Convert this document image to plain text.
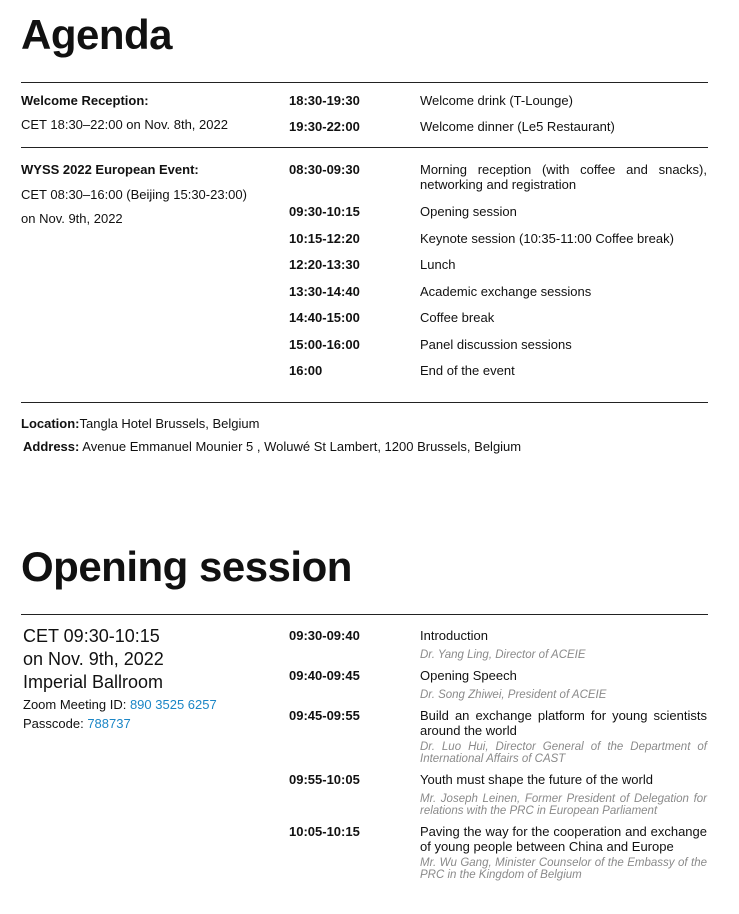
Agenda
Welcome Reception:
CET 18:30–22:00 on Nov. 8th, 2022
18:30-19:30	Welcome drink (T-Lounge)
19:30-22:00	Welcome dinner (Le5 Restaurant)
WYSS 2022 European Event:
CET 08:30–16:00 (Beijing 15:30-23:00)
on Nov. 9th, 2022
08:30-09:30	Morning reception (with coffee and snacks), networking and registration
09:30-10:15	Opening session
10:15-12:20	Keynote session (10:35-11:00 Coffee break)
12:20-13:30	Lunch
13:30-14:40	Academic exchange sessions
14:40-15:00	Coffee break
15:00-16:00	Panel discussion sessions
16:00	End of the event
Location:Tangla Hotel Brussels, Belgium
Address: Avenue Emmanuel Mounier 5 , Woluwé St Lambert, 1200 Brussels, Belgium
Opening session
CET 09:30-10:15
on Nov. 9th, 2022
Imperial Ballroom
Zoom Meeting ID: 890 3525 6257
Passcode: 788737
09:30-09:40	Introduction
Dr. Yang Ling, Director of ACEIE
09:40-09:45	Opening Speech
Dr. Song Zhiwei, President of ACEIE
09:45-09:55	Build an exchange platform for young scientists around the world
Dr. Luo Hui, Director General of the Department of International Affairs of CAST
09:55-10:05	Youth must shape the future of the world
Mr. Joseph Leinen, Former President of Delegation for relations with the PRC in European Parliament
10:05-10:15	Paving the way for the cooperation and exchange of young people between China and Europe
Mr. Wu Gang, Minister Counselor of the Embassy of the PRC in the Kingdom of Belgium
